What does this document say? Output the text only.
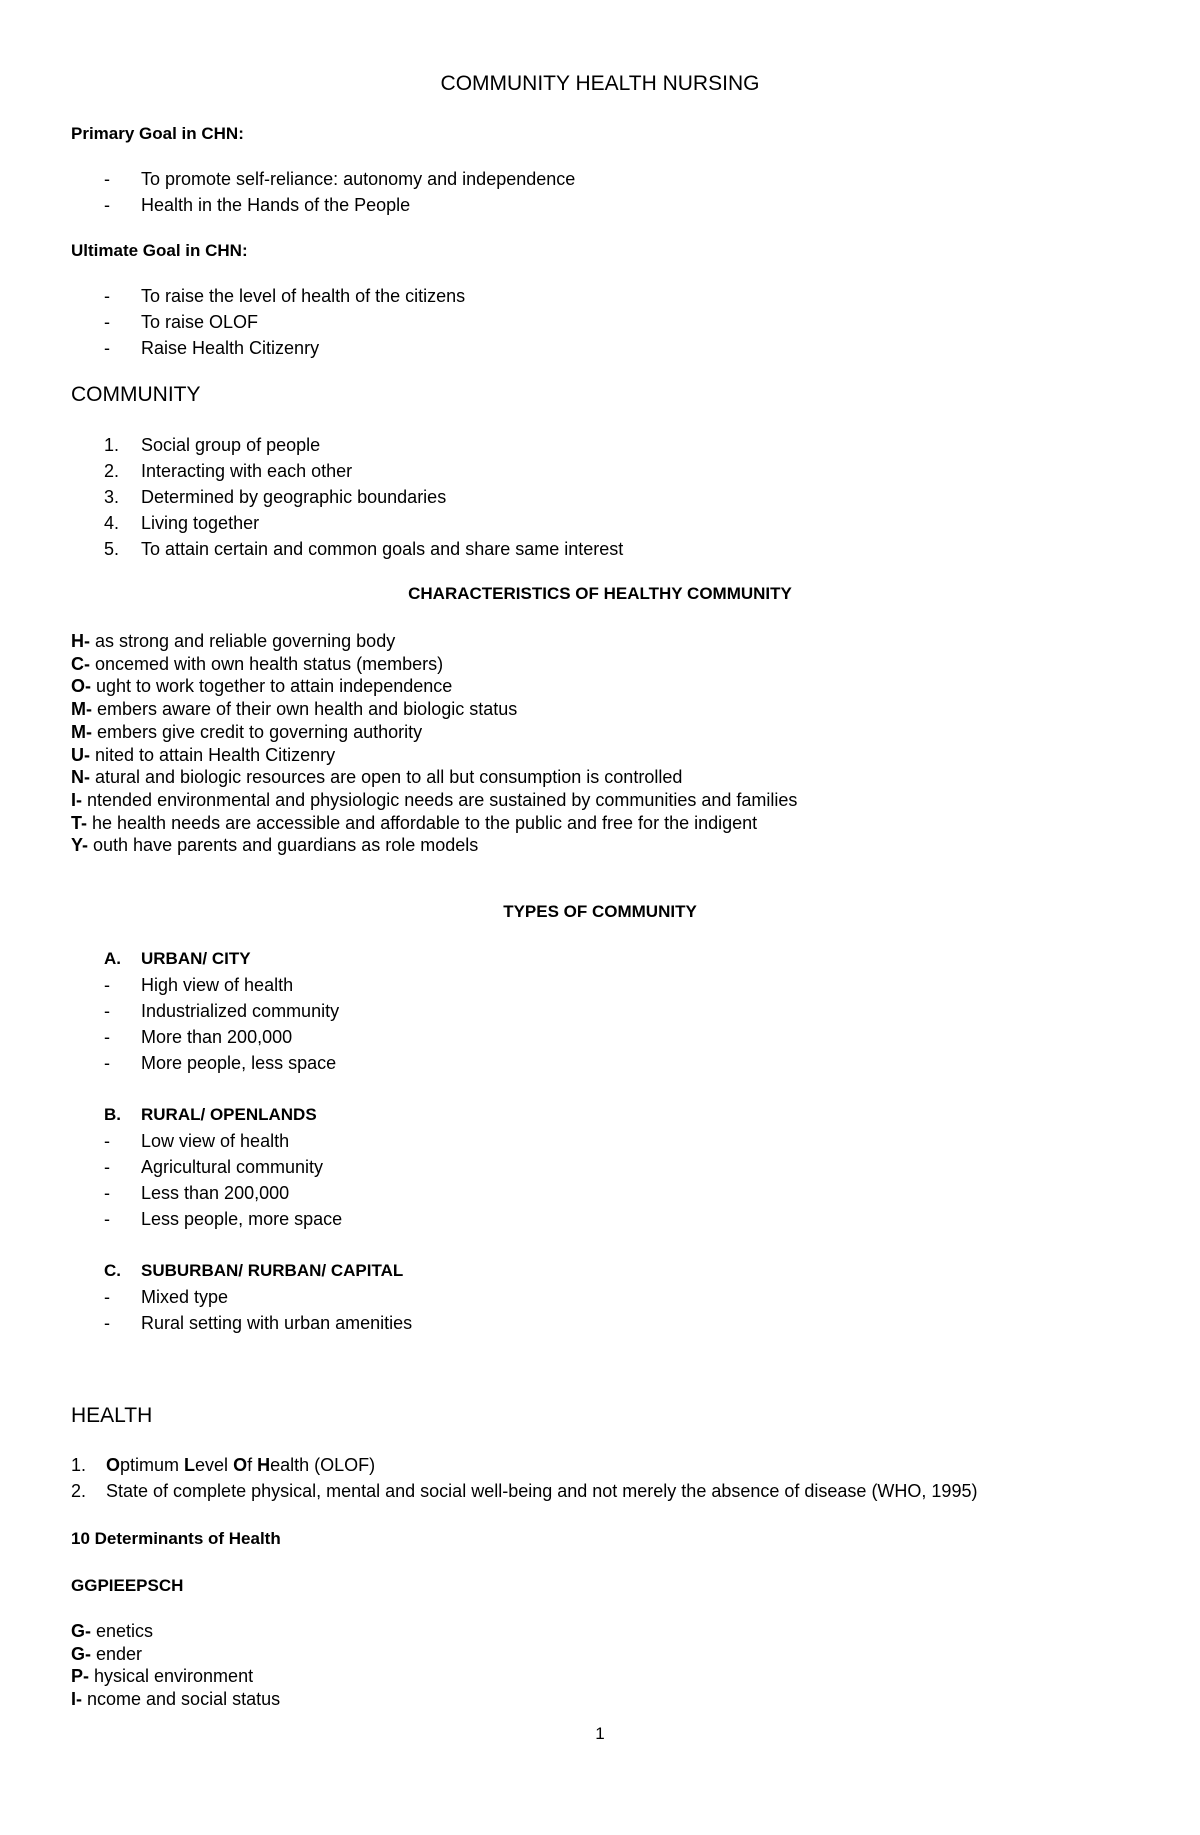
COMMUNITY HEALTH NURSING
Primary Goal in CHN:
- To promote self-reliance: autonomy and independence
- Health in the Hands of the People
Ultimate Goal in CHN:
- To raise the level of health of the citizens
- To raise OLOF
- Raise Health Citizenry
COMMUNITY
1. Social group of people
2. Interacting with each other
3. Determined by geographic boundaries
4. Living together
5. To attain certain and common goals and share same interest
CHARACTERISTICS OF HEALTHY COMMUNITY
H- as strong and reliable governing body
C- oncemed with own health status (members)
O- ught to work together to attain independence
M- embers aware of their own health and biologic status
M- embers give credit to governing authority
U- nited to attain Health Citizenry
N- atural and biologic resources are open to all but consumption is controlled
I- ntended environmental and physiologic needs are sustained by communities and families
T- he health needs are accessible and affordable to the public and free for the indigent
Y- outh have parents and guardians as role models
TYPES OF COMMUNITY
A. URBAN/ CITY
- High view of health
- Industrialized community
- More than 200,000
- More people, less space
B. RURAL/ OPENLANDS
- Low view of health
- Agricultural community
- Less than 200,000
- Less people, more space
C. SUBURBAN/ RURBAN/ CAPITAL
- Mixed type
- Rural setting with urban amenities
HEALTH
1. Optimum Level Of Health (OLOF)
2. State of complete physical, mental and social well-being and not merely the absence of disease (WHO, 1995)
10 Determinants of Health
GGPIEEPSCH
G- enetics
G- ender
P- hysical environment
I- ncome and social status
1
